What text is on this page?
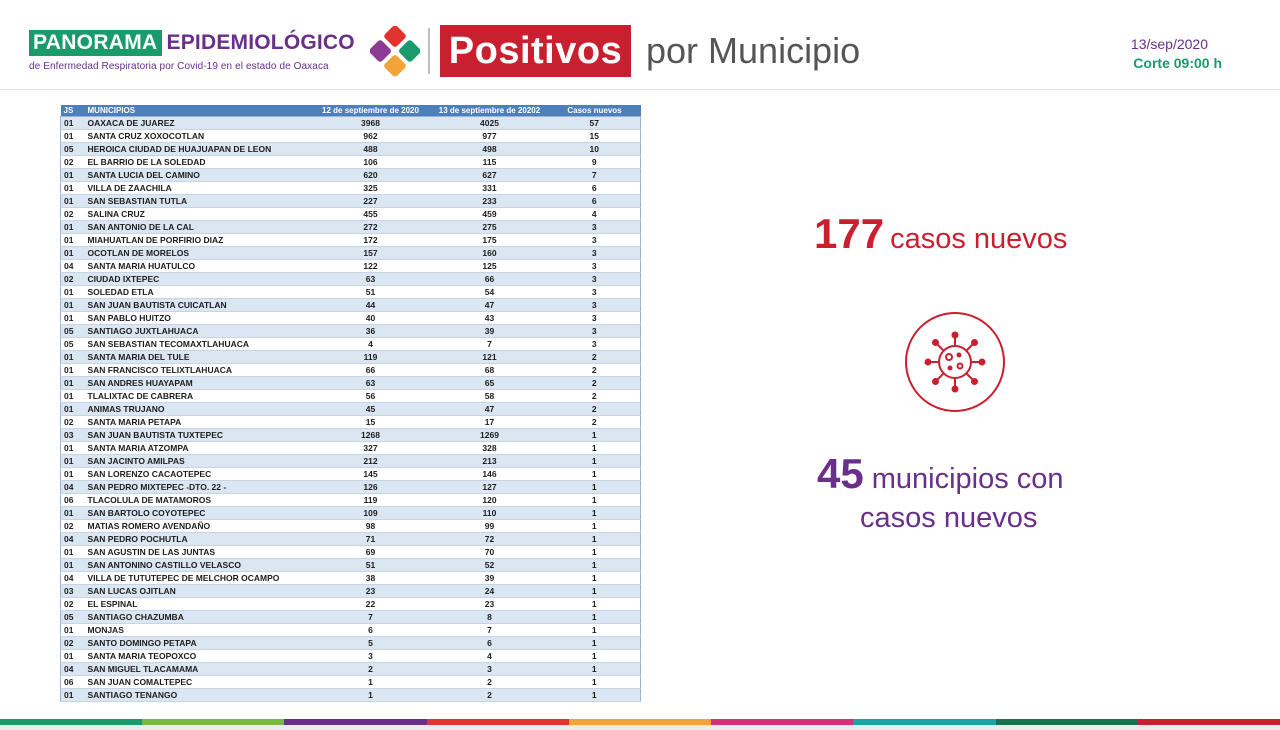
PANORAMA EPIDEMIOLÓGICO
de Enfermedad Respiratoria por Covid-19 en el estado de Oaxaca	Positivos por Municipio	13/sep/2020
Corte 09:00 h
JS	MUNICIPIOS	12 de septiembre de 2020	13 de septiembre de 20202	Casos nuevos
01	OAXACA DE JUAREZ	3968	4025	57
01	SANTA CRUZ XOXOCOTLAN	962	977	15
05	HEROICA CIUDAD DE HUAJUAPAN DE LEON	488	498	10
02	EL BARRIO DE LA SOLEDAD	106	115	9
01	SANTA LUCIA DEL CAMINO	620	627	7
01	VILLA DE ZAACHILA	325	331	6
01	SAN SEBASTIAN TUTLA	227	233	6
02	SALINA CRUZ	455	459	4
01	SAN ANTONIO DE LA CAL	272	275	3
01	MIAHUATLAN DE PORFIRIO DIAZ	172	175	3
01	OCOTLAN DE MORELOS	157	160	3
04	SANTA MARIA HUATULCO	122	125	3
02	CIUDAD IXTEPEC	63	66	3
01	SOLEDAD ETLA	51	54	3
01	SAN JUAN BAUTISTA CUICATLAN	44	47	3
01	SAN PABLO HUITZO	40	43	3
05	SANTIAGO JUXTLAHUACA	36	39	3
05	SAN SEBASTIAN TECOMAXTLAHUACA	4	7	3
01	SANTA MARIA DEL TULE	119	121	2
01	SAN FRANCISCO TELIXTLAHUACA	66	68	2
01	SAN ANDRES HUAYAPAM	63	65	2
01	TLALIXTAC DE CABRERA	56	58	2
01	ANIMAS TRUJANO	45	47	2
02	SANTA MARIA PETAPA	15	17	2
03	SAN JUAN BAUTISTA TUXTEPEC	1268	1269	1
01	SANTA MARIA ATZOMPA	327	328	1
01	SAN JACINTO AMILPAS	212	213	1
01	SAN LORENZO CACAOTEPEC	145	146	1
04	SAN PEDRO MIXTEPEC -DTO. 22 -	126	127	1
06	TLACOLULA DE MATAMOROS	119	120	1
01	SAN BARTOLO COYOTEPEC	109	110	1
02	MATIAS ROMERO AVENDAÑO	98	99	1
04	SAN PEDRO POCHUTLA	71	72	1
01	SAN AGUSTIN DE LAS JUNTAS	69	70	1
01	SAN ANTONINO CASTILLO VELASCO	51	52	1
04	VILLA DE TUTUTEPEC DE MELCHOR OCAMPO	38	39	1
03	SAN LUCAS OJITLAN	23	24	1
02	EL ESPINAL	22	23	1
05	SANTIAGO CHAZUMBA	7	8	1
01	MONJAS	6	7	1
02	SANTO DOMINGO PETAPA	5	6	1
01	SANTA MARIA TEOPOXCO	3	4	1
04	SAN MIGUEL TLACAMAMA	2	3	1
06	SAN JUAN COMALTEPEC	1	2	1
01	SANTIAGO TENANGO	1	2	1
177 casos nuevos
45 municipios con
casos nuevos
